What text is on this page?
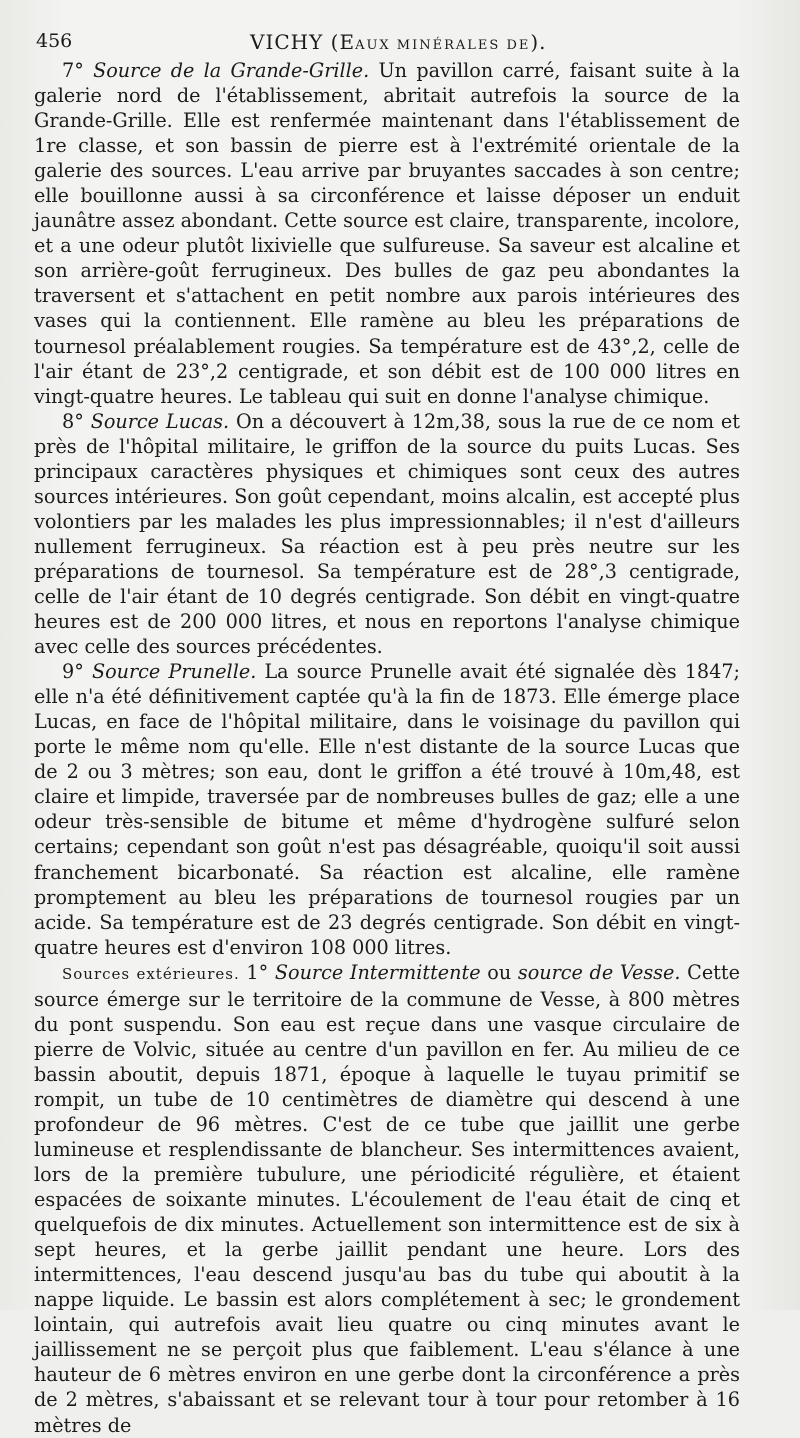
456	VICHY (EAUX MINÉRALES DE).

7° Source de la Grande-Grille. Un pavillon carré, faisant suite à la galerie nord de l'établissement, abritait autrefois la source de la Grande-Grille. Elle est renfermée maintenant dans l'établissement de 1re classe, et son bassin de pierre est à l'extrémité orientale de la galerie des sources. L'eau arrive par bruyantes saccades à son centre; elle bouillonne aussi à sa circonférence et laisse déposer un enduit jaunâtre assez abondant. Cette source est claire, transparente, incolore, et a une odeur plutôt lixivielle que sulfureuse. Sa saveur est alcaline et son arrière-goût ferrugineux. Des bulles de gaz peu abondantes la traversent et s'attachent en petit nombre aux parois intérieures des vases qui la contiennent. Elle ramène au bleu les préparations de tournesol préalablement rougies. Sa température est de 43°,2, celle de l'air étant de 23°,2 centigrade, et son débit est de 100 000 litres en vingt-quatre heures. Le tableau qui suit en donne l'analyse chimique.

8° Source Lucas. On a découvert à 12m,38, sous la rue de ce nom et près de l'hôpital militaire, le griffon de la source du puits Lucas. Ses principaux caractères physiques et chimiques sont ceux des autres sources intérieures. Son goût cependant, moins alcalin, est accepté plus volontiers par les malades les plus impressionnables; il n'est d'ailleurs nullement ferrugineux. Sa réaction est à peu près neutre sur les préparations de tournesol. Sa température est de 28°,3 centigrade, celle de l'air étant de 10 degrés centigrade. Son débit en vingt-quatre heures est de 200 000 litres, et nous en reportons l'analyse chimique avec celle des sources précédentes.

9° Source Prunelle. La source Prunelle avait été signalée dès 1847; elle n'a été définitivement captée qu'à la fin de 1873. Elle émerge place Lucas, en face de l'hôpital militaire, dans le voisinage du pavillon qui porte le même nom qu'elle. Elle n'est distante de la source Lucas que de 2 ou 3 mètres; son eau, dont le griffon a été trouvé à 10m,48, est claire et limpide, traversée par de nombreuses bulles de gaz; elle a une odeur très-sensible de bitume et même d'hydrogène sulfuré selon certains; cependant son goût n'est pas désagréable, quoiqu'il soit aussi franchement bicarbonaté. Sa réaction est alcaline, elle ramène promptement au bleu les préparations de tournesol rougies par un acide. Sa température est de 23 degrés centigrade. Son débit en vingt-quatre heures est d'environ 108 000 litres.

Sources extérieures. 1° Source Intermittente ou source de Vesse. Cette source émerge sur le territoire de la commune de Vesse, à 800 mètres du pont suspendu. Son eau est reçue dans une vasque circulaire de pierre de Volvic, située au centre d'un pavillon en fer. Au milieu de ce bassin aboutit, depuis 1871, époque à laquelle le tuyau primitif se rompit, un tube de 10 centimètres de diamètre qui descend à une profondeur de 96 mètres. C'est de ce tube que jaillit une gerbe lumineuse et resplendissante de blancheur. Ses intermittences avaient, lors de la première tubulure, une périodicité régulière, et étaient espacées de soixante minutes. L'écoulement de l'eau était de cinq et quelquefois de dix minutes. Actuellement son intermittence est de six à sept heures, et la gerbe jaillit pendant une heure. Lors des intermittences, l'eau descend jusqu'au bas du tube qui aboutit à la nappe liquide. Le bassin est alors complétement à sec; le grondement lointain, qui autrefois avait lieu quatre ou cinq minutes avant le jaillissement ne se perçoit plus que faiblement. L'eau s'élance à une hauteur de 6 mètres environ en une gerbe dont la circonférence a près de 2 mètres, s'abaissant et se relevant tour à tour pour retomber à 16 mètres de
